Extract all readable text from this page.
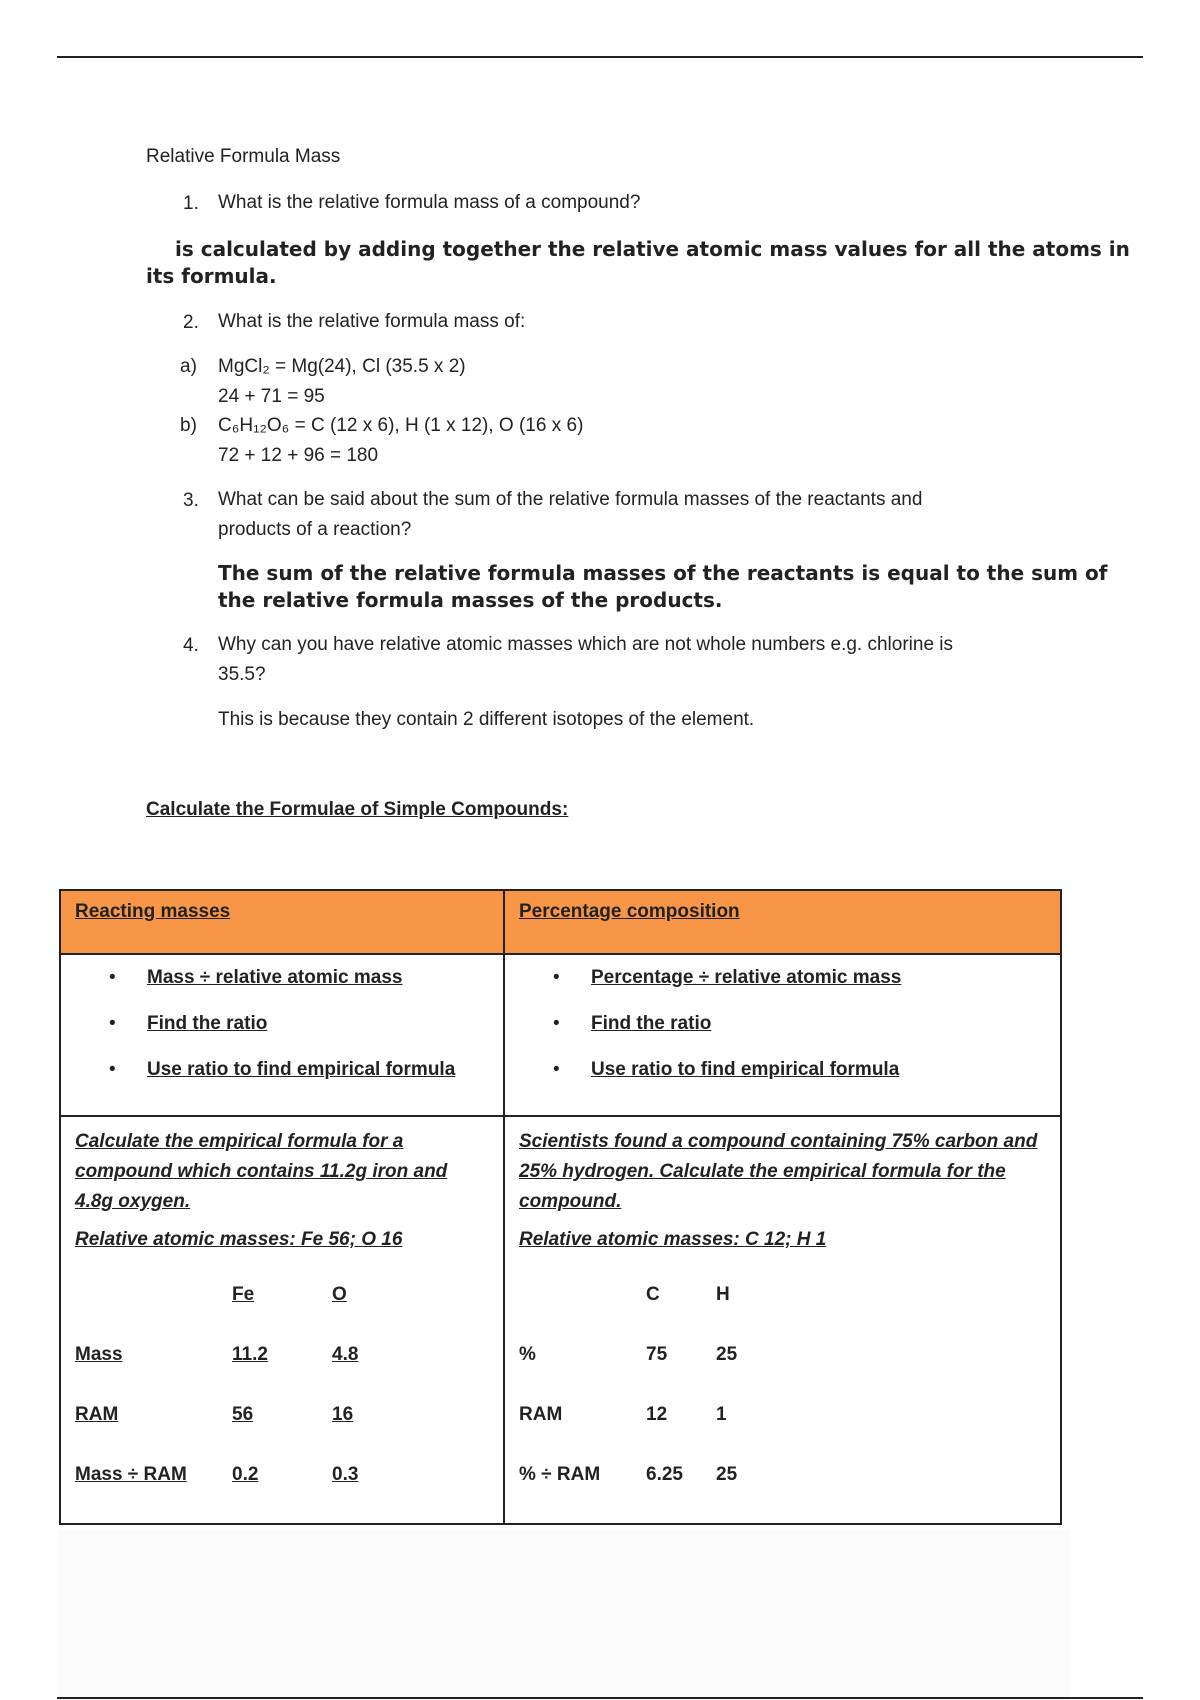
Relative Formula Mass
1. What is the relative formula mass of a compound?
is calculated by adding together the relative atomic mass values for all the atoms in
its formula.
2. What is the relative formula mass of:
a) MgCl₂ = Mg(24), Cl (35.5 x 2)
24 + 71 = 95
b) C₆H₁₂O₆ = C (12 x 6), H (1 x 12), O (16 x 6)
72 + 12 + 96 = 180
3. What can be said about the sum of the relative formula masses of the reactants and
products of a reaction?
The sum of the relative formula masses of the reactants is equal to the sum of
the relative formula masses of the products.
4. Why can you have relative atomic masses which are not whole numbers e.g. chlorine is
35.5?
This is because they contain 2 different isotopes of the element.
Calculate the Formulae of Simple Compounds:
Reacting masses	Percentage composition

• Mass ÷ relative atomic mass
• Find the ratio
• Use ratio to find empirical formula

• Percentage ÷ relative atomic mass
• Find the ratio
• Use ratio to find empirical formula

Calculate the empirical formula for a
compound which contains 11.2g iron and
4.8g oxygen.
Relative atomic masses: Fe 56; O 16
	Fe	O
Mass	11.2	4.8
RAM	56	16
Mass ÷ RAM	0.2	0.3

Scientists found a compound containing 75% carbon and
25% hydrogen. Calculate the empirical formula for the
compound.
Relative atomic masses: C 12; H 1
	C	H
%	75	25
RAM	12	1
% ÷ RAM	6.25	25
